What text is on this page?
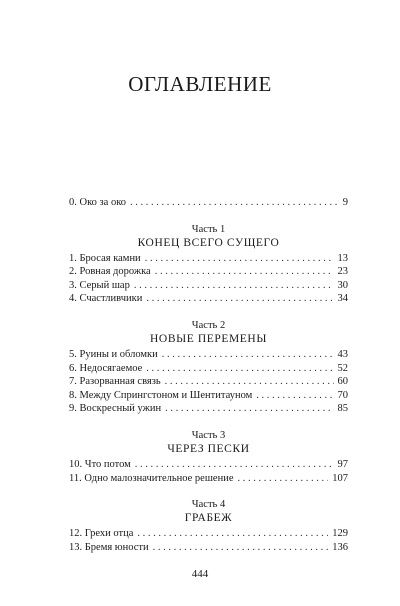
ОГЛАВЛЕНИЕ
0. Око за око . . .	9
Часть 1
КОНЕЦ ВСЕГО СУЩЕГО
1. Бросая камни . . .	13
2. Ровная дорожка . . .	23
3. Серый шар . . .	30
4. Счастливчики . . .	34
Часть 2
НОВЫЕ ПЕРЕМЕНЫ
5. Руины и обломки . . .	43
6. Недосягаемое . . .	52
7. Разорванная связь . . .	60
8. Между Спрингстоном и Шентитауном . . .	70
9. Воскресный ужин . . .	85
Часть 3
ЧЕРЕЗ ПЕСКИ
10. Что потом . . .	97
11. Одно малозначительное решение . . .	107
Часть 4
ГРАБЕЖ
12. Грехи отца . . .	129
13. Бремя юности . . .	136
444
